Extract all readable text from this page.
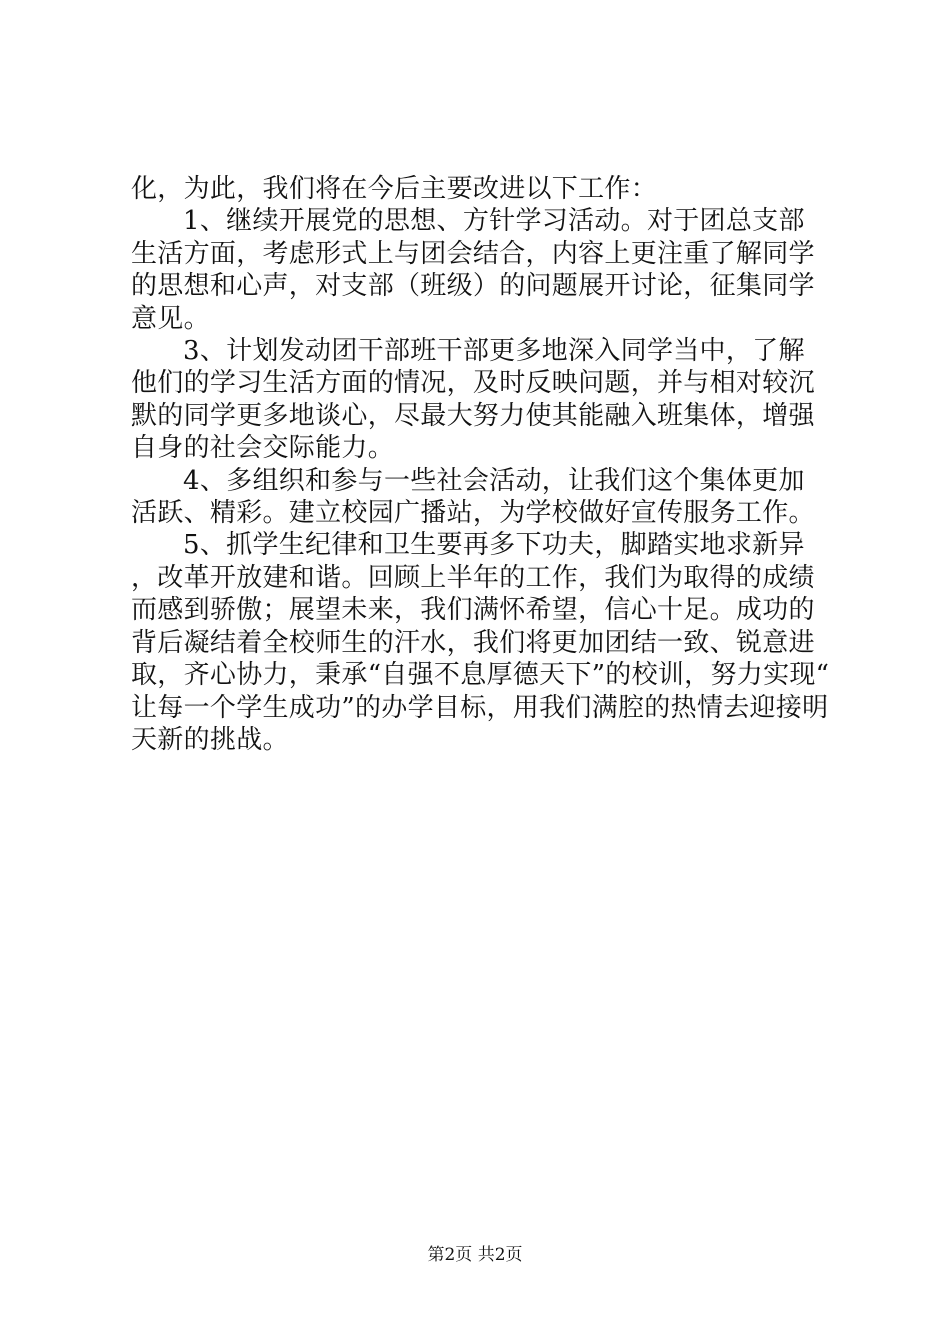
化，为此，我们将在今后主要改进以下工作：

1、继续开展党的思想、方针学习活动。对于团总支部生活方面，考虑形式上与团会结合，内容上更注重了解同学的思想和心声，对支部（班级）的问题展开讨论，征集同学意见。

3、计划发动团干部班干部更多地深入同学当中，了解他们的学习生活方面的情况，及时反映问题，并与相对较沉默的同学更多地谈心，尽最大努力使其能融入班集体，增强自身的社会交际能力。

4、多组织和参与一些社会活动，让我们这个集体更加活跃、精彩。建立校园广播站，为学校做好宣传服务工作。

5、抓学生纪律和卫生要再多下功夫，脚踏实地求新异，改革开放建和谐。回顾上半年的工作，我们为取得的成绩而感到骄傲；展望未来，我们满怀希望，信心十足。成功的背后凝结着全校师生的汗水，我们将更加团结一致、锐意进取，齐心协力，秉承“自强不息厚德天下”的校训，努力实现“让每一个学生成功”的办学目标，用我们满腔的热情去迎接明天新的挑战。

第2页 共2页
